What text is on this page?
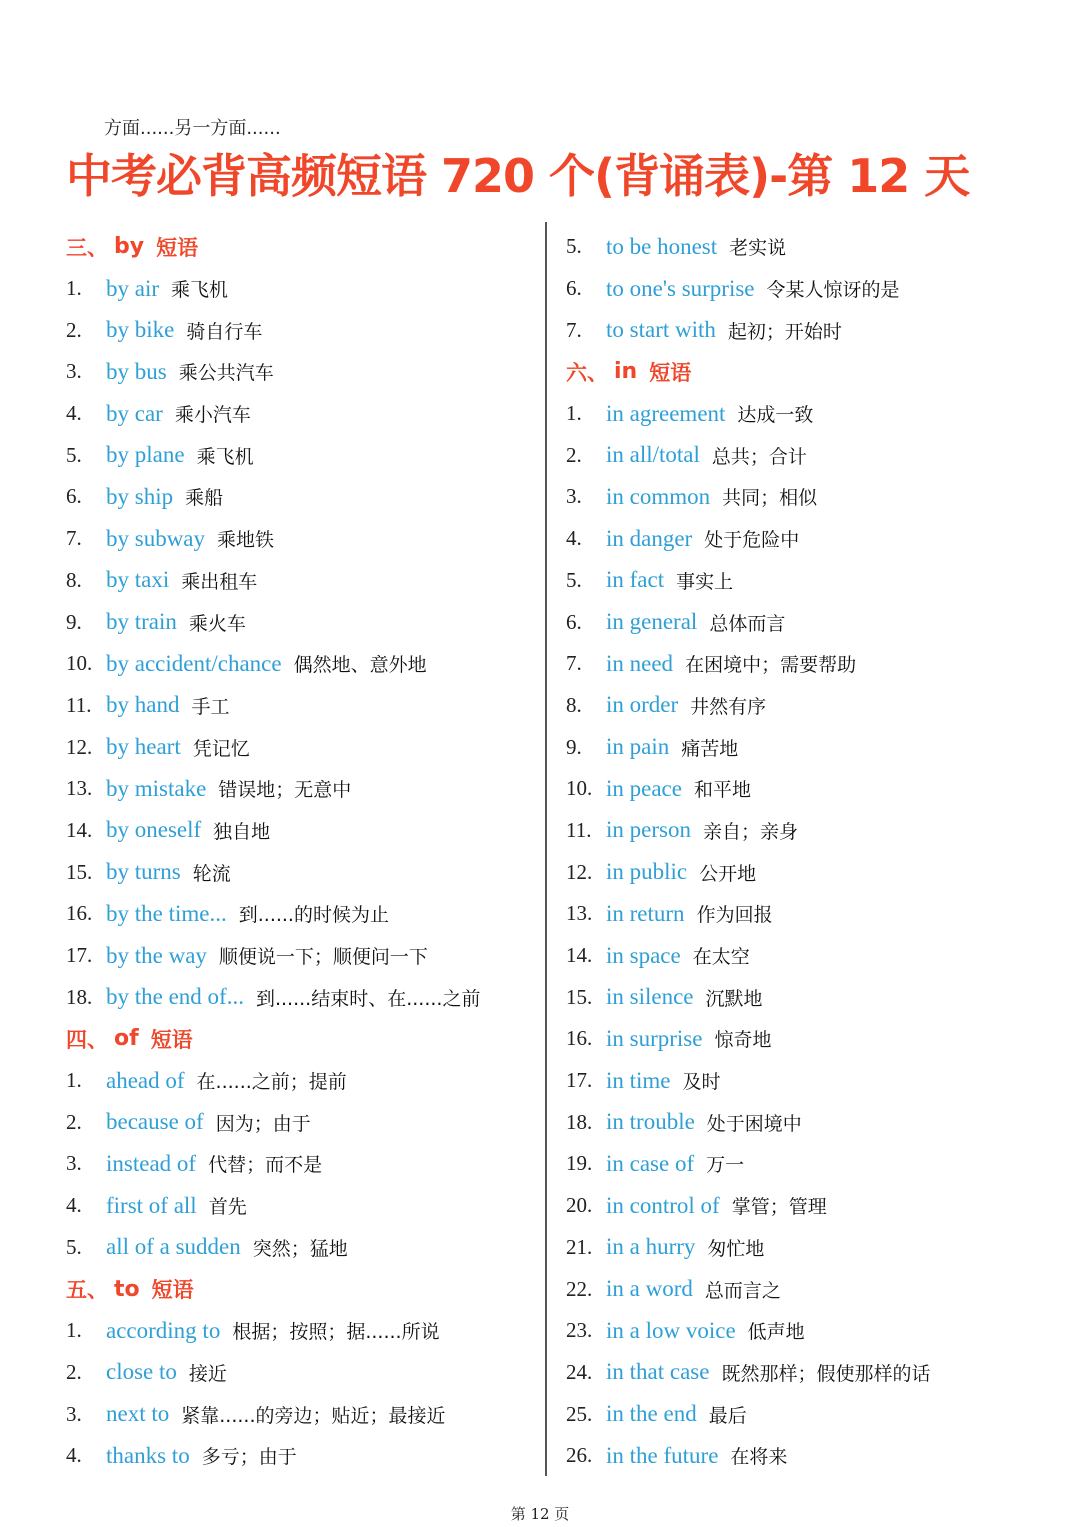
方面......另一方面......
中考必背高频短语 720 个(背诵表)-第 12 天
三、 by 短语
1.	by air 乘飞机
2.	by bike 骑自行车
3.	by bus 乘公共汽车
4.	by car 乘小汽车
5.	by plane 乘飞机
6.	by ship 乘船
7.	by subway 乘地铁
8.	by taxi 乘出租车
9.	by train 乘火车
10. by accident/chance 偶然地、意外地
11. by hand 手工
12. by heart 凭记忆
13. by mistake 错误地；无意中
14. by oneself 独自地
15. by turns 轮流
16. by the time... 到......的时候为止
17. by the way 顺便说一下；顺便问一下
18. by the end of... 到......结束时、在......之前
四、 of 短语
1.	ahead of 在......之前；提前
2.	because of 因为；由于
3.	instead of 代替；而不是
4.	first of all 首先
5.	all of a sudden 突然；猛地
五、 to 短语
1.	according to 根据；按照；据......所说
2.	close to 接近
3.	next to 紧靠......的旁边；贴近；最接近
4.	thanks to 多亏；由于
5.	to be honest 老实说
6.	to one's surprise 令某人惊讶的是
7.	to start with 起初；开始时
六、 in 短语
1.	in agreement 达成一致
2.	in all/total 总共；合计
3.	in common 共同；相似
4.	in danger 处于危险中
5.	in fact 事实上
6.	in general 总体而言
7.	in need 在困境中；需要帮助
8.	in order 井然有序
9.	in pain 痛苦地
10. in peace 和平地
11. in person 亲自；亲身
12. in public 公开地
13. in return 作为回报
14. in space 在太空
15. in silence 沉默地
16. in surprise 惊奇地
17. in time 及时
18. in trouble 处于困境中
19. in case of 万一
20. in control of 掌管；管理
21. in a hurry 匆忙地
22. in a word 总而言之
23. in a low voice 低声地
24. in that case 既然那样；假使那样的话
25. in the end 最后
26. in the future 在将来
第 12 页
